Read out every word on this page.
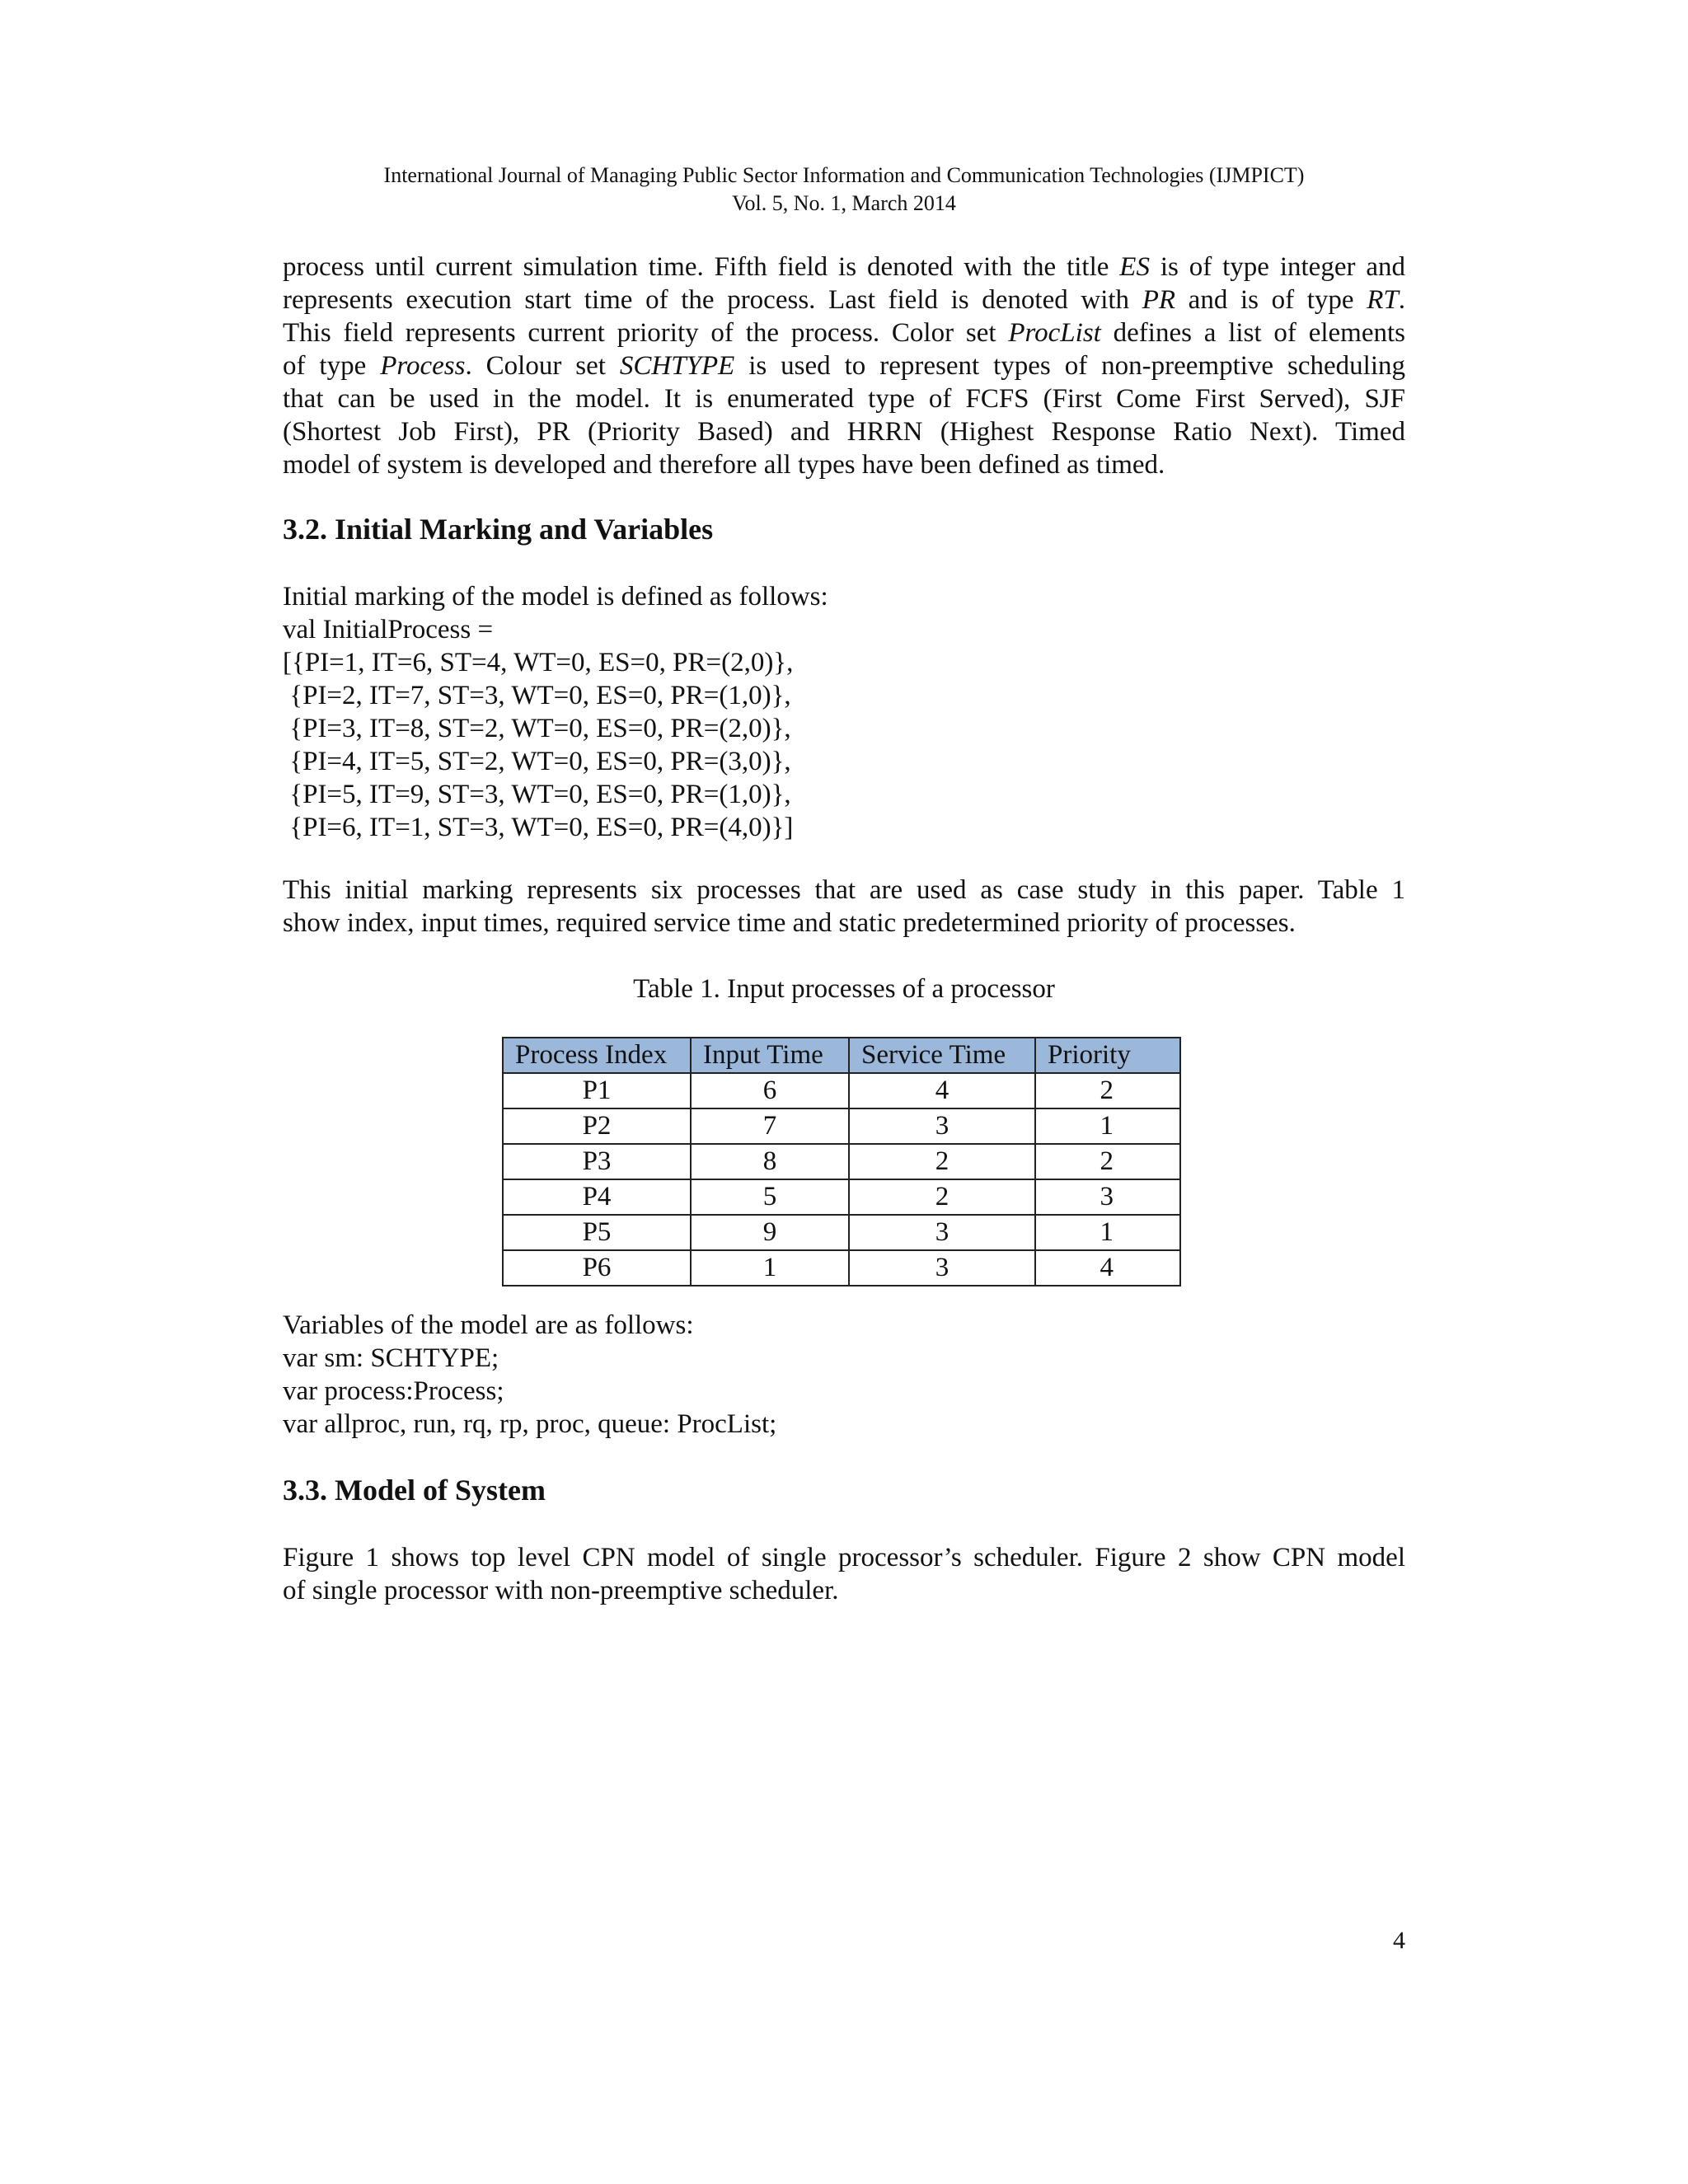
International Journal of Managing Public Sector Information and Communication Technologies (IJMPICT)
Vol. 5, No. 1, March 2014

process until current simulation time. Fifth field is denoted with the title ES is of type integer and
represents execution start time of the process. Last field is denoted with PR and is of type RT.
This field represents current priority of the process. Color set ProcList defines a list of elements
of type Process. Colour set SCHTYPE is used to represent types of non-preemptive scheduling
that can be used in the model. It is enumerated type of FCFS (First Come First Served), SJF
(Shortest Job First), PR (Priority Based) and HRRN (Highest Response Ratio Next). Timed
model of system is developed and therefore all types have been defined as timed.

3.2. Initial Marking and Variables
Initial marking of the model is defined as follows:
val InitialProcess =
[{PI=1, IT=6, ST=4, WT=0, ES=0, PR=(2,0)},
{PI=2, IT=7, ST=3, WT=0, ES=0, PR=(1,0)},
{PI=3, IT=8, ST=2, WT=0, ES=0, PR=(2,0)},
{PI=4, IT=5, ST=2, WT=0, ES=0, PR=(3,0)},
{PI=5, IT=9, ST=3, WT=0, ES=0, PR=(1,0)},
{PI=6, IT=1, ST=3, WT=0, ES=0, PR=(4,0)}]

This initial marking represents six processes that are used as case study in this paper. Table 1
show index, input times, required service time and static predetermined priority of processes.

Table 1. Input processes of a processor
Process Index	Input Time	Service Time	Priority
P1	6	4	2
P2	7	3	1
P3	8	2	2
P4	5	2	3
P5	9	3	1
P6	1	3	4
Variables of the model are as follows:
var sm: SCHTYPE;
var process:Process;
var allproc, run, rq, rp, proc, queue: ProcList;
3.3. Model of System

Figure 1 shows top level CPN model of single processor’s scheduler. Figure 2 show CPN model
of single processor with non-preemptive scheduler.

4
